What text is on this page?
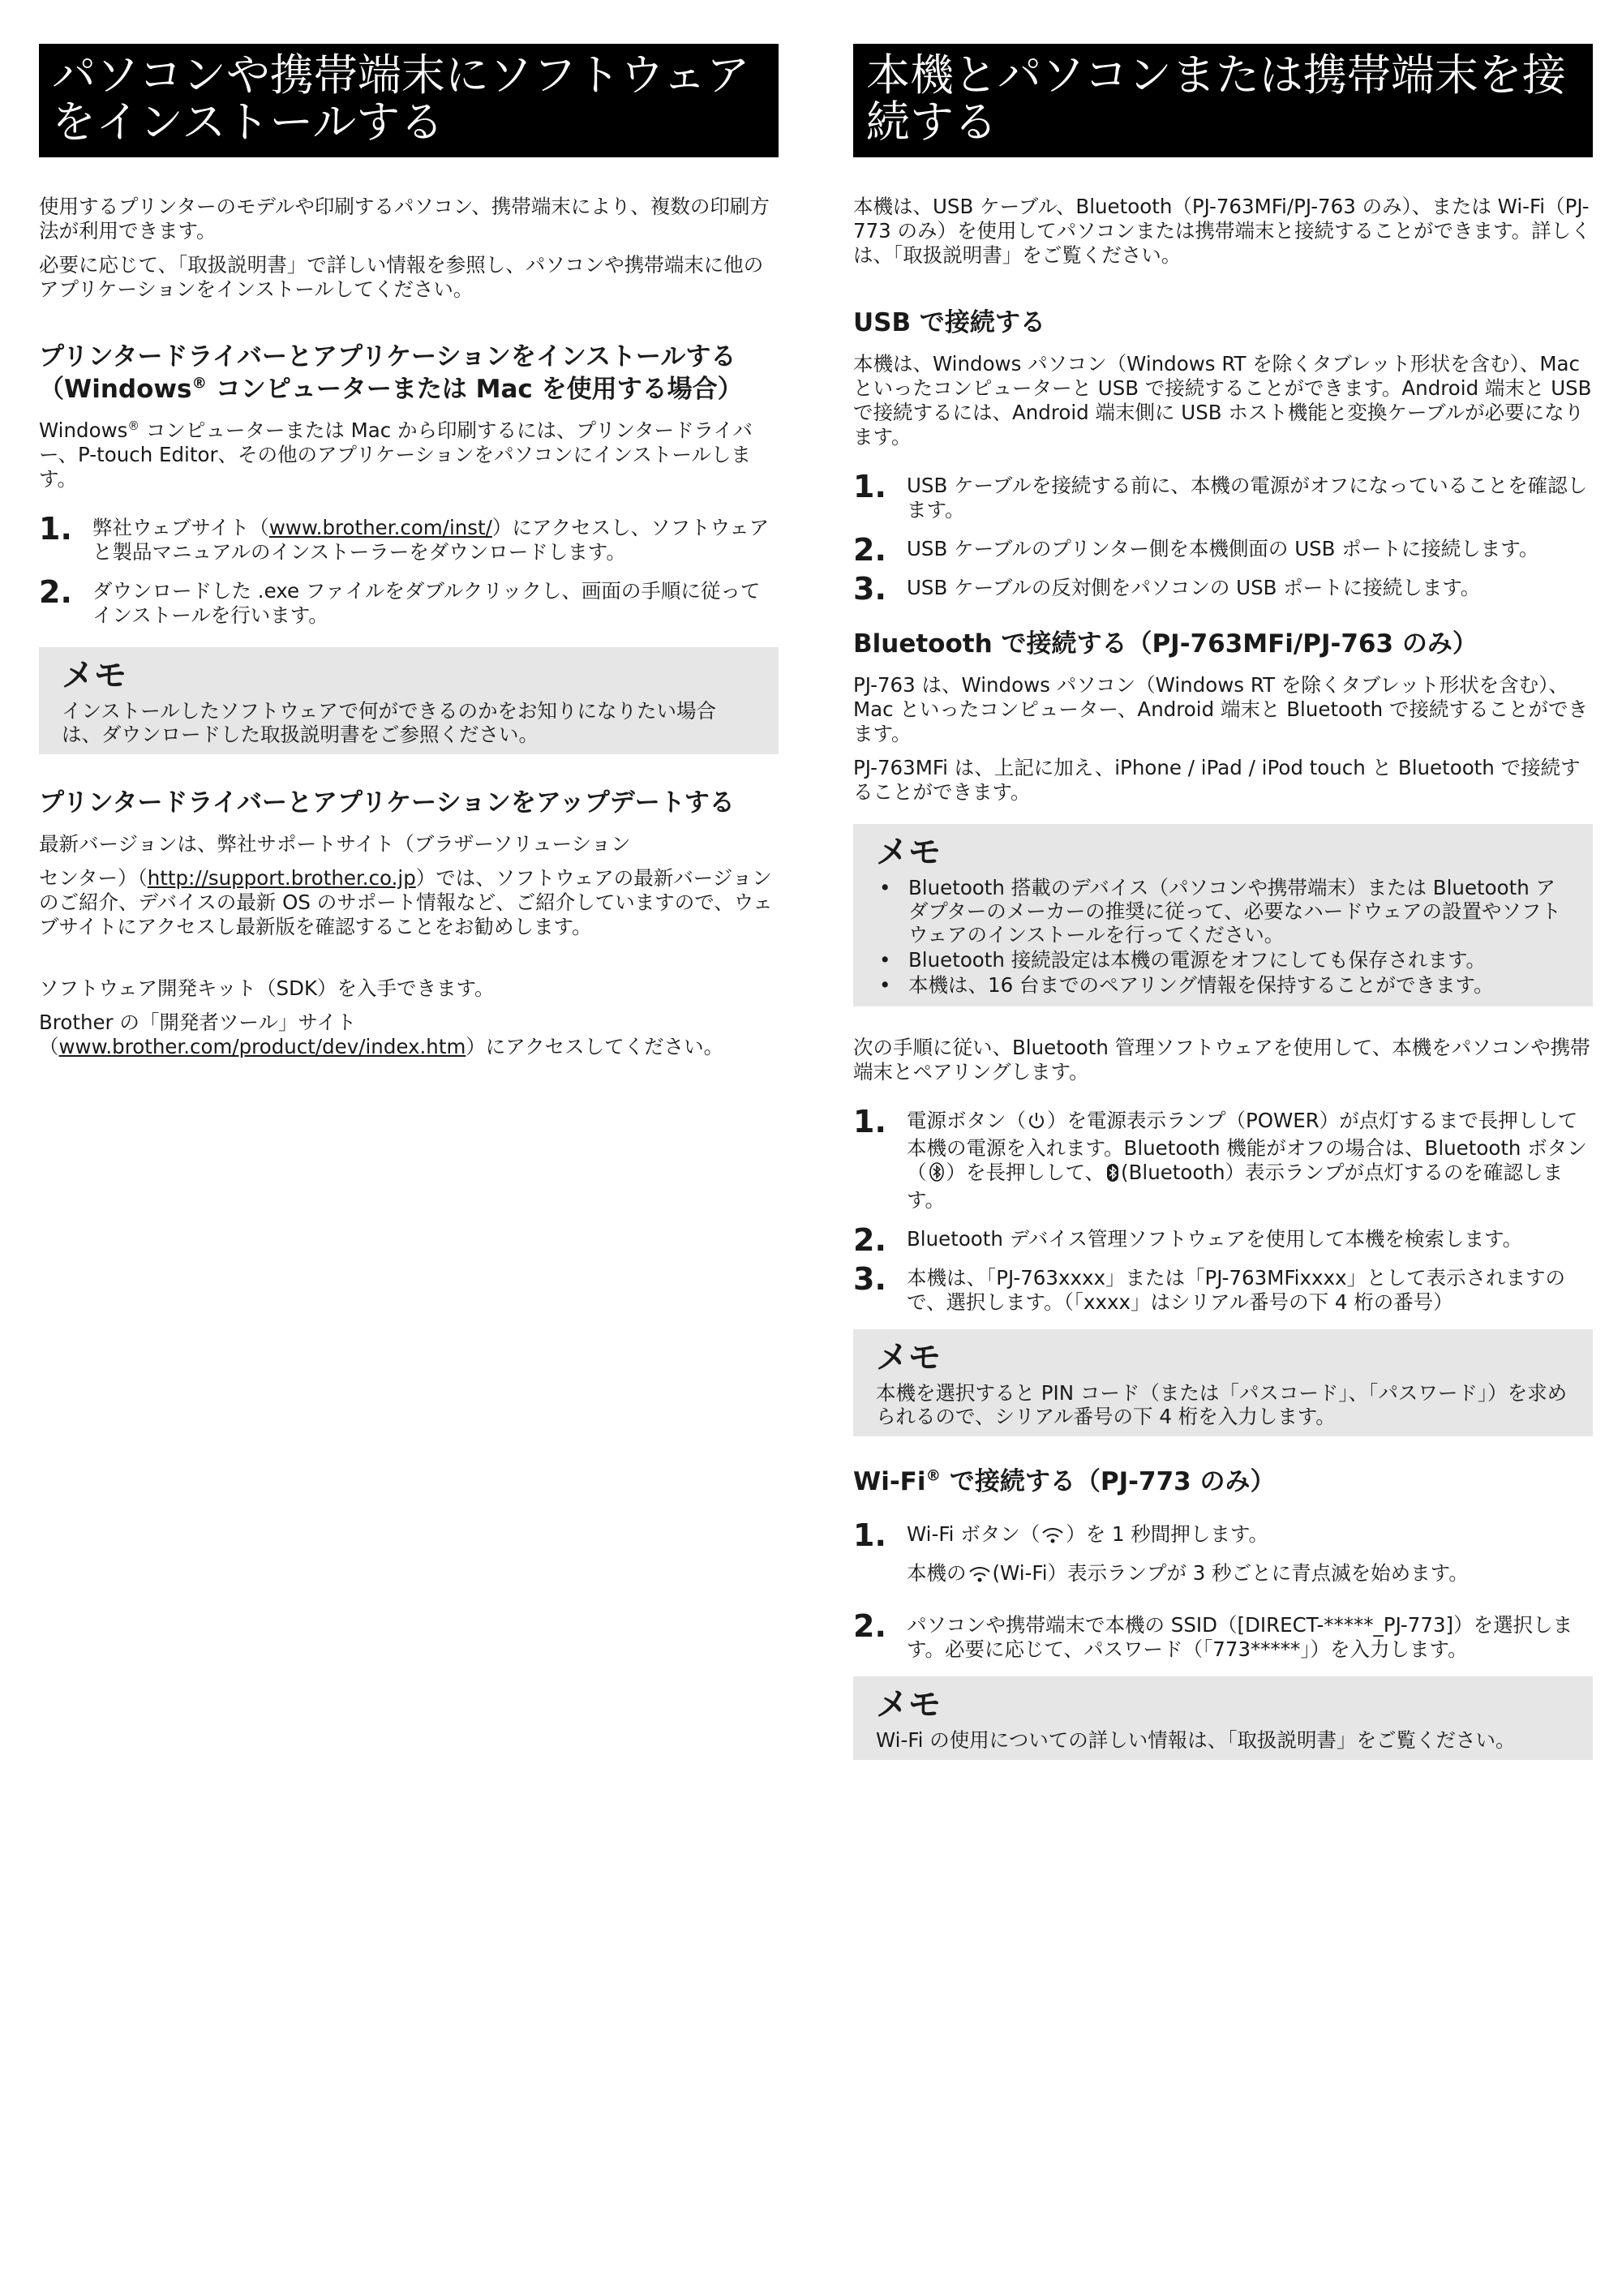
パソコンや携帯端末にソフトウェアをインストールする

使用するプリンターのモデルや印刷するパソコン、携帯端末により、複数の印刷方法が利用できます。

必要に応じて、「取扱説明書」で詳しい情報を参照し、パソコンや携帯端末に他のアプリケーションをインストールしてください。

プリンタードライバーとアプリケーションをインストールする（Windows® コンピューターまたは Mac を使用する場合）

Windows® コンピューターまたは Mac から印刷するには、プリンタードライバー、P-touch Editor、その他のアプリケーションをパソコンにインストールします。

1. 弊社ウェブサイト（www.brother.com/inst/）にアクセスし、ソフトウェアと製品マニュアルのインストーラーをダウンロードします。
2. ダウンロードした .exe ファイルをダブルクリックし、画面の手順に従ってインストールを行います。
メモ

インストールしたソフトウェアで何ができるのかをお知りになりたい場合は、ダウンロードした取扱説明書をご参照ください。

プリンタードライバーとアプリケーションをアップデートする

最新バージョンは、弊社サポートサイト（ブラザーソリューション

センター）（http://support.brother.co.jp）では、ソフトウェアの最新バージョンのご紹介、デバイスの最新 OS のサポート情報など、ご紹介していますので、ウェブサイトにアクセスし最新版を確認することをお勧めします。

ソフトウェア開発キット（SDK）を入手できます。

Brother の「開発者ツール」サイト
（www.brother.com/product/dev/index.htm）にアクセスしてください。

本機とパソコンまたは携帯端末を接続する

本機は、USB ケーブル、Bluetooth（PJ-763MFi/PJ-763 のみ）、または Wi-Fi（PJ-773 のみ）を使用してパソコンまたは携帯端末と接続することができます。詳しくは、「取扱説明書」をご覧ください。

USB で接続する

本機は、Windows パソコン（Windows RT を除くタブレット形状を含む）、Mac といったコンピューターと USB で接続することができます。Android 端末と USB で接続するには、Android 端末側に USB ホスト機能と変換ケーブルが必要になります。

1. USB ケーブルを接続する前に、本機の電源がオフになっていることを確認します。
2. USB ケーブルのプリンター側を本機側面の USB ポートに接続します。
3. USB ケーブルの反対側をパソコンの USB ポートに接続します。
Bluetooth で接続する（PJ-763MFi/PJ-763 のみ）

PJ-763 は、Windows パソコン（Windows RT を除くタブレット形状を含む）、Mac といったコンピューター、Android 端末と Bluetooth で接続することができます。

PJ-763MFi は、上記に加え、iPhone / iPad / iPod touch と Bluetooth で接続することができます。

メモ
• Bluetooth 搭載のデバイス（パソコンや携帯端末）または Bluetooth アダプターのメーカーの推奨に従って、必要なハードウェアの設置やソフトウェアのインストールを行ってください。
• Bluetooth 接続設定は本機の電源をオフにしても保存されます。
• 本機は、16 台までのペアリング情報を保持することができます。

次の手順に従い、Bluetooth 管理ソフトウェアを使用して、本機をパソコンや携帯端末とペアリングします。

1. 電源ボタン（ ）を電源表示ランプ（POWER）が点灯するまで長押しして本機の電源を入れます。Bluetooth 機能がオフの場合は、Bluetooth ボタン（ ）を長押しして、 (Bluetooth）表示ランプが点灯するのを確認します。
2. Bluetooth デバイス管理ソフトウェアを使用して本機を検索します。
3. 本機は、「PJ-763xxxx」または「PJ-763MFixxxx」として表示されますので、選択します。（「xxxx」はシリアル番号の下 4 桁の番号）
メモ

本機を選択すると PIN コード（または「パスコード」、「パスワード」）を求められるので、シリアル番号の下 4 桁を入力します。

Wi-Fi® で接続する（PJ-773 のみ）
1. Wi-Fi ボタン（ ）を 1 秒間押します。
本機の (Wi-Fi）表示ランプが 3 秒ごとに青点滅を始めます。
2. パソコンや携帯端末で本機の SSID（[DIRECT-*****_PJ-773]）を選択します。必要に応じて、パスワード（「773*****」）を入力します。
メモ

Wi-Fi の使用についての詳しい情報は、「取扱説明書」をご覧ください。
